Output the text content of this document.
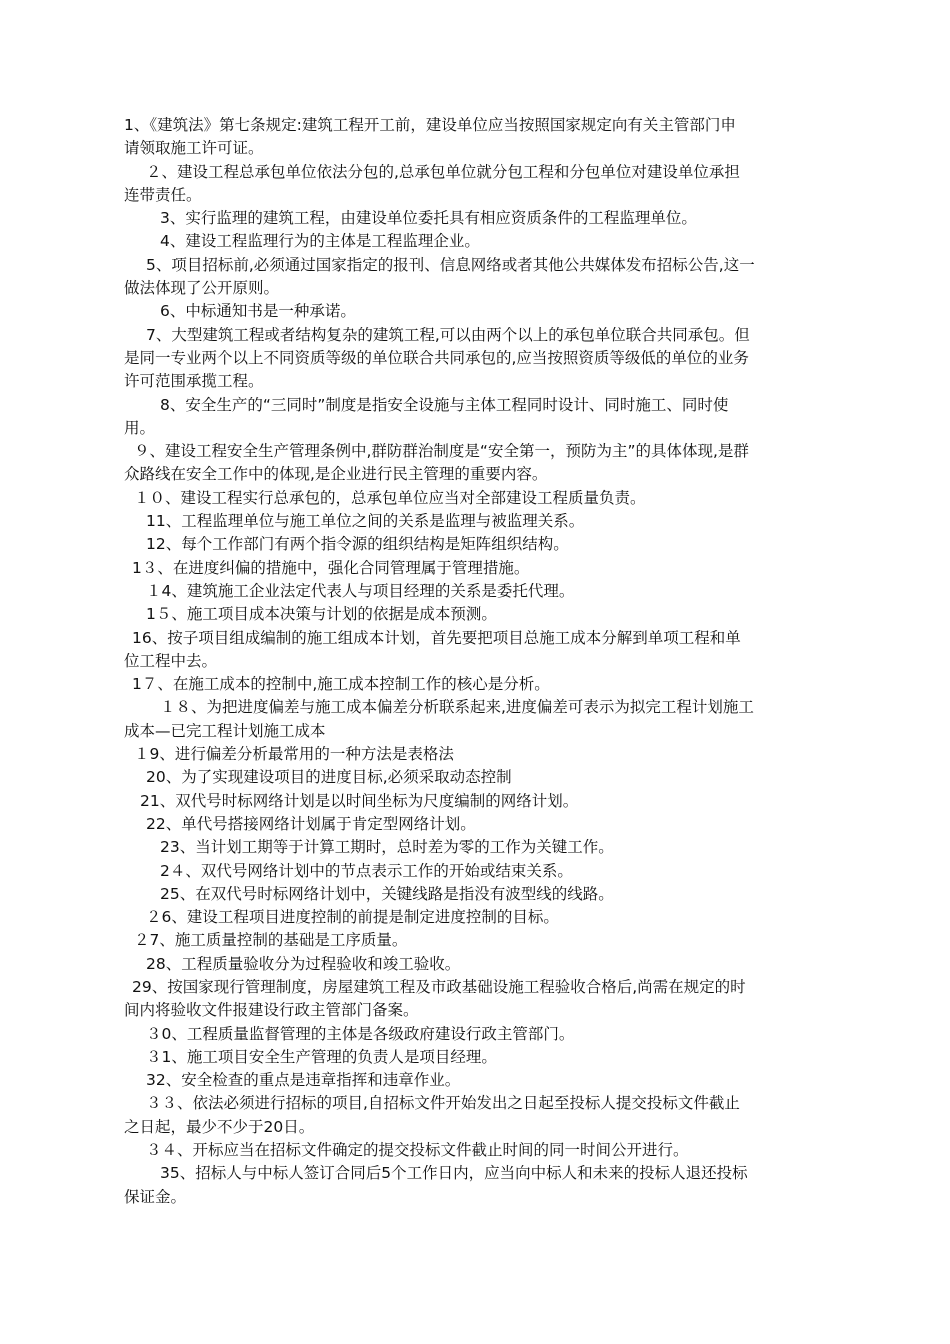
1、《建筑法》第七条规定:建筑工程开工前，建设单位应当按照国家规定向有关主管部门申
请领取施工许可证。
２、建设工程总承包单位依法分包的,总承包单位就分包工程和分包单位对建设单位承担
连带责任。
3、实行监理的建筑工程，由建设单位委托具有相应资质条件的工程监理单位。
4、建设工程监理行为的主体是工程监理企业。
5、项目招标前,必须通过国家指定的报刊、信息网络或者其他公共媒体发布招标公告,这一
做法体现了公开原则。
6、中标通知书是一种承诺。
7、大型建筑工程或者结构复杂的建筑工程,可以由两个以上的承包单位联合共同承包。但
是同一专业两个以上不同资质等级的单位联合共同承包的,应当按照资质等级低的单位的业务
许可范围承揽工程。
8、安全生产的“三同时”制度是指安全设施与主体工程同时设计、同时施工、同时使
用。
９、建设工程安全生产管理条例中,群防群治制度是“安全第一，预防为主”的具体体现,是群
众路线在安全工作中的体现,是企业进行民主管理的重要内容。
１０、建设工程实行总承包的，总承包单位应当对全部建设工程质量负责。
11、工程监理单位与施工单位之间的关系是监理与被监理关系。
12、每个工作部门有两个指令源的组织结构是矩阵组织结构。
1３、在进度纠偏的措施中，强化合同管理属于管理措施。
１4、建筑施工企业法定代表人与项目经理的关系是委托代理。
1５、施工项目成本决策与计划的依据是成本预测。
16、按子项目组成编制的施工组成本计划，首先要把项目总施工成本分解到单项工程和单
位工程中去。
1７、在施工成本的控制中,施工成本控制工作的核心是分析。
１８、为把进度偏差与施工成本偏差分析联系起来,进度偏差可表示为拟完工程计划施工
成本—已完工程计划施工成本
１9、进行偏差分析最常用的一种方法是表格法
20、为了实现建设项目的进度目标,必须采取动态控制
21、双代号时标网络计划是以时间坐标为尺度编制的网络计划。
22、单代号搭接网络计划属于肯定型网络计划。
23、当计划工期等于计算工期时，总时差为零的工作为关键工作。
2４、双代号网络计划中的节点表示工作的开始或结束关系。
25、在双代号时标网络计划中，关键线路是指没有波型线的线路。
２6、建设工程项目进度控制的前提是制定进度控制的目标。
２7、施工质量控制的基础是工序质量。
28、工程质量验收分为过程验收和竣工验收。
29、按国家现行管理制度，房屋建筑工程及市政基础设施工程验收合格后,尚需在规定的时
间内将验收文件报建设行政主管部门备案。
３0、工程质量监督管理的主体是各级政府建设行政主管部门。
３1、施工项目安全生产管理的负责人是项目经理。
32、安全检查的重点是违章指挥和违章作业。
３３、依法必须进行招标的项目,自招标文件开始发出之日起至投标人提交投标文件截止
之日起，最少不少于20日。
３４、开标应当在招标文件确定的提交投标文件截止时间的同一时间公开进行。
35、招标人与中标人签订合同后5个工作日内，应当向中标人和未来的投标人退还投标
保证金。
